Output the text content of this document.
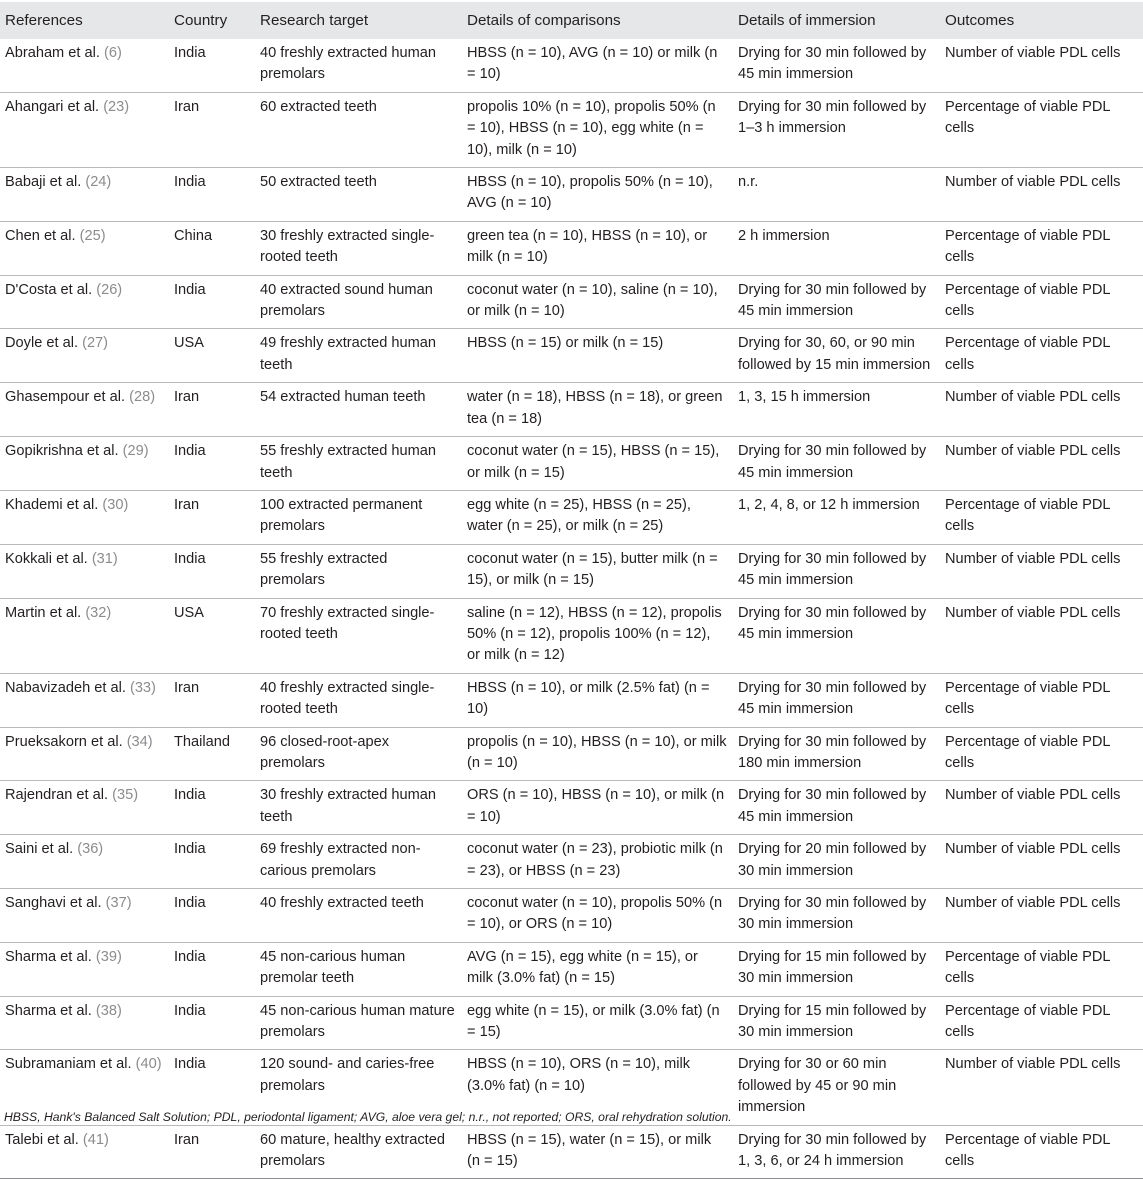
References	Country	Research target	Details of comparisons	Details of immersion	Outcomes
Abraham et al. (6)	India	40 freshly extracted human premolars	HBSS (n = 10), AVG (n = 10) or milk (n = 10)	Drying for 30 min followed by 45 min immersion	Number of viable PDL cells
Ahangari et al. (23)	Iran	60 extracted teeth	propolis 10% (n = 10), propolis 50% (n = 10), HBSS (n = 10), egg white (n = 10), milk (n = 10)	Drying for 30 min followed by 1–3 h immersion	Percentage of viable PDL cells
Babaji et al. (24)	India	50 extracted teeth	HBSS (n = 10), propolis 50% (n = 10), AVG (n = 10)	n.r.	Number of viable PDL cells
Chen et al. (25)	China	30 freshly extracted single-rooted teeth	green tea (n = 10), HBSS (n = 10), or milk (n = 10)	2 h immersion	Percentage of viable PDL cells
D'Costa et al. (26)	India	40 extracted sound human premolars	coconut water (n = 10), saline (n = 10), or milk (n = 10)	Drying for 30 min followed by 45 min immersion	Percentage of viable PDL cells
Doyle et al. (27)	USA	49 freshly extracted human teeth	HBSS (n = 15) or milk (n = 15)	Drying for 30, 60, or 90 min followed by 15 min immersion	Percentage of viable PDL cells
Ghasempour et al. (28)	Iran	54 extracted human teeth	water (n = 18), HBSS (n = 18), or green tea (n = 18)	1, 3, 15 h immersion	Number of viable PDL cells
Gopikrishna et al. (29)	India	55 freshly extracted human teeth	coconut water (n = 15), HBSS (n = 15), or milk (n = 15)	Drying for 30 min followed by 45 min immersion	Number of viable PDL cells
Khademi et al. (30)	Iran	100 extracted permanent premolars	egg white (n = 25), HBSS (n = 25), water (n = 25), or milk (n = 25)	1, 2, 4, 8, or 12 h immersion	Percentage of viable PDL cells
Kokkali et al. (31)	India	55 freshly extracted premolars	coconut water (n = 15), butter milk (n = 15), or milk (n = 15)	Drying for 30 min followed by 45 min immersion	Number of viable PDL cells
Martin et al. (32)	USA	70 freshly extracted single-rooted teeth	saline (n = 12), HBSS (n = 12), propolis 50% (n = 12), propolis 100% (n = 12), or milk (n = 12)	Drying for 30 min followed by 45 min immersion	Number of viable PDL cells
Nabavizadeh et al. (33)	Iran	40 freshly extracted single-rooted teeth	HBSS (n = 10), or milk (2.5% fat) (n = 10)	Drying for 30 min followed by 45 min immersion	Percentage of viable PDL cells
Prueksakorn et al. (34)	Thailand	96 closed-root-apex premolars	propolis (n = 10), HBSS (n = 10), or milk (n = 10)	Drying for 30 min followed by 180 min immersion	Percentage of viable PDL cells
Rajendran et al. (35)	India	30 freshly extracted human teeth	ORS (n = 10), HBSS (n = 10), or milk (n = 10)	Drying for 30 min followed by 45 min immersion	Number of viable PDL cells
Saini et al. (36)	India	69 freshly extracted non-carious premolars	coconut water (n = 23), probiotic milk (n = 23), or HBSS (n = 23)	Drying for 20 min followed by 30 min immersion	Number of viable PDL cells
Sanghavi et al. (37)	India	40 freshly extracted teeth	coconut water (n = 10), propolis 50% (n = 10), or ORS (n = 10)	Drying for 30 min followed by 30 min immersion	Number of viable PDL cells
Sharma et al. (39)	India	45 non-carious human premolar teeth	AVG (n = 15), egg white (n = 15), or milk (3.0% fat) (n = 15)	Drying for 15 min followed by 30 min immersion	Percentage of viable PDL cells
Sharma et al. (38)	India	45 non-carious human mature premolars	egg white (n = 15), or milk (3.0% fat) (n = 15)	Drying for 15 min followed by 30 min immersion	Percentage of viable PDL cells
Subramaniam et al. (40)	India	120 sound- and caries-free premolars	HBSS (n = 10), ORS (n = 10), milk (3.0% fat) (n = 10)	Drying for 30 or 60 min followed by 45 or 90 min immersion	Number of viable PDL cells
Talebi et al. (41)	Iran	60 mature, healthy extracted premolars	HBSS (n = 15), water (n = 15), or milk (n = 15)	Drying for 30 min followed by 1, 3, 6, or 24 h immersion	Percentage of viable PDL cells
HBSS, Hank's Balanced Salt Solution; PDL, periodontal ligament; AVG, aloe vera gel; n.r., not reported; ORS, oral rehydration solution.
